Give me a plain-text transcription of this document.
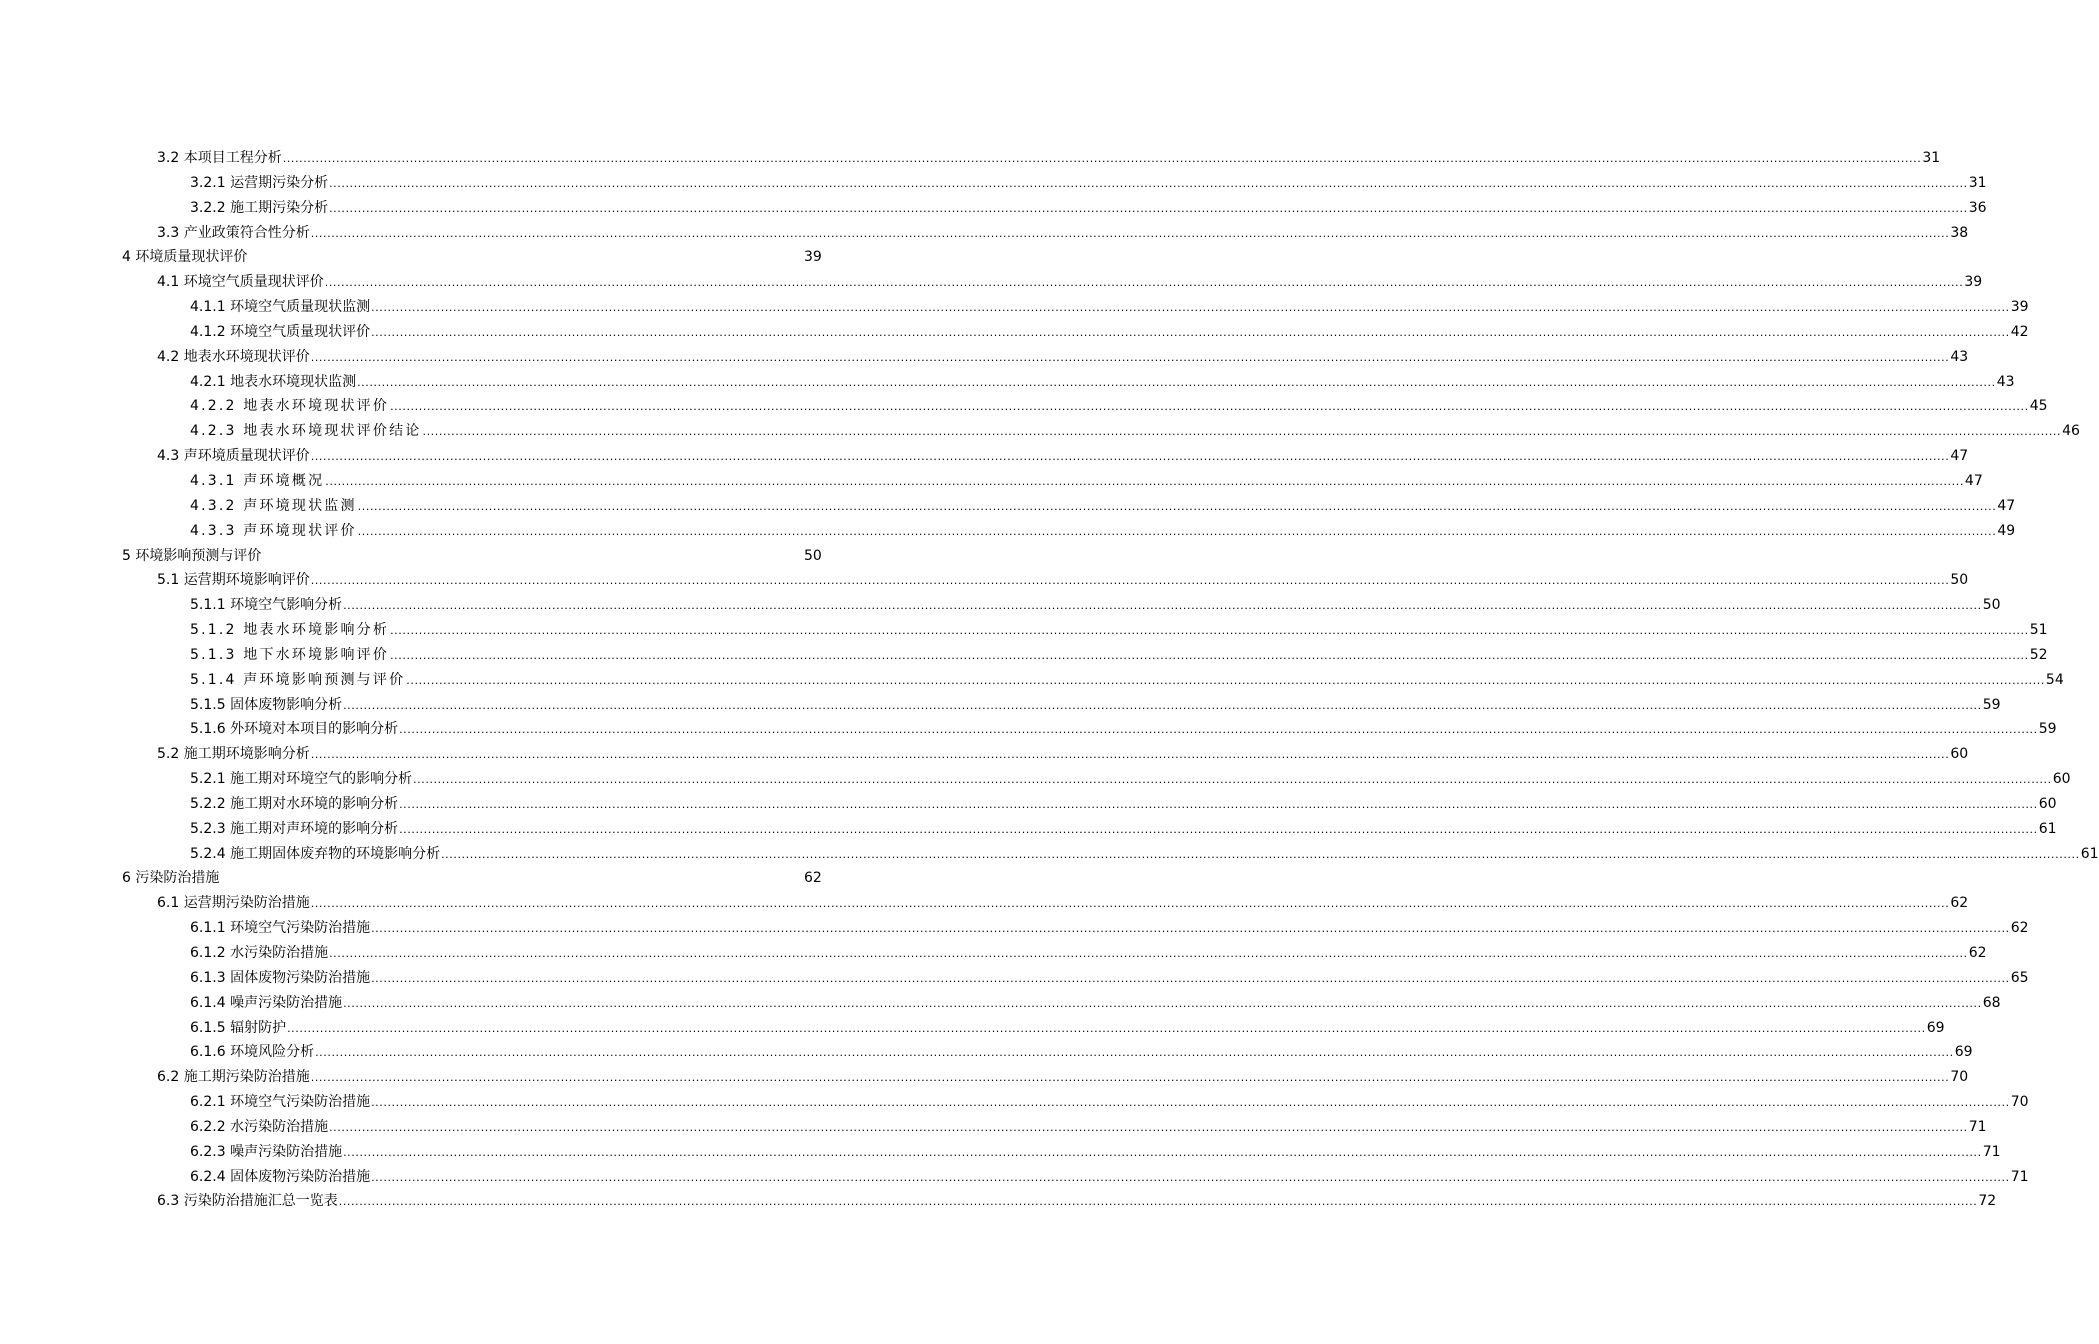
3.2 本项目工程分析 ................................................................................................................................................................................................................................................................................................................................................................................................................ 31
3.2.1 运营期污染分析 ................................................................................................................................................................................................................................................................................................................................................................................................................ 31
3.2.2 施工期污染分析 ................................................................................................................................................................................................................................................................................................................................................................................................................ 36
3.3 产业政策符合性分析 ................................................................................................................................................................................................................................................................................................................................................................................................................ 38
4 环境质量现状评价	39
4.1 环境空气质量现状评价 ................................................................................................................................................................................................................................................................................................................................................................................................................ 39
4.1.1 环境空气质量现状监测 ................................................................................................................................................................................................................................................................................................................................................................................................................ 39
4.1.2 环境空气质量现状评价 ................................................................................................................................................................................................................................................................................................................................................................................................................ 42
4.2 地表水环境现状评价 ................................................................................................................................................................................................................................................................................................................................................................................................................ 43
4.2.1 地表水环境现状监测 ................................................................................................................................................................................................................................................................................................................................................................................................................ 43
4.2.2 地表水环境现状评价 ................................................................................................................................................................................................................................................................................................................................................................................................................ 45
4.2.3 地表水环境现状评价结论 ................................................................................................................................................................................................................................................................................................................................................................................................................ 46
4.3 声环境质量现状评价 ................................................................................................................................................................................................................................................................................................................................................................................................................ 47
4.3.1 声环境概况 ................................................................................................................................................................................................................................................................................................................................................................................................................ 47
4.3.2 声环境现状监测 ................................................................................................................................................................................................................................................................................................................................................................................................................ 47
4.3.3 声环境现状评价 ................................................................................................................................................................................................................................................................................................................................................................................................................ 49
5 环境影响预测与评价	50
5.1 运营期环境影响评价 ................................................................................................................................................................................................................................................................................................................................................................................................................ 50
5.1.1 环境空气影响分析 ................................................................................................................................................................................................................................................................................................................................................................................................................ 50
5.1.2 地表水环境影响分析 ................................................................................................................................................................................................................................................................................................................................................................................................................ 51
5.1.3 地下水环境影响评价 ................................................................................................................................................................................................................................................................................................................................................................................................................ 52
5.1.4 声环境影响预测与评价 ................................................................................................................................................................................................................................................................................................................................................................................................................ 54
5.1.5 固体废物影响分析 ................................................................................................................................................................................................................................................................................................................................................................................................................ 59
5.1.6 外环境对本项目的影响分析 ................................................................................................................................................................................................................................................................................................................................................................................................................ 59
5.2 施工期环境影响分析 ................................................................................................................................................................................................................................................................................................................................................................................................................ 60
5.2.1 施工期对环境空气的影响分析 ................................................................................................................................................................................................................................................................................................................................................................................................................ 60
5.2.2 施工期对水环境的影响分析 ................................................................................................................................................................................................................................................................................................................................................................................................................ 60
5.2.3 施工期对声环境的影响分析 ................................................................................................................................................................................................................................................................................................................................................................................................................ 61
5.2.4 施工期固体废弃物的环境影响分析 ................................................................................................................................................................................................................................................................................................................................................................................................................ 61
6 污染防治措施	62
6.1 运营期污染防治措施 ................................................................................................................................................................................................................................................................................................................................................................................................................ 62
6.1.1 环境空气污染防治措施 ................................................................................................................................................................................................................................................................................................................................................................................................................ 62
6.1.2 水污染防治措施 ................................................................................................................................................................................................................................................................................................................................................................................................................ 62
6.1.3 固体废物污染防治措施 ................................................................................................................................................................................................................................................................................................................................................................................................................ 65
6.1.4 噪声污染防治措施 ................................................................................................................................................................................................................................................................................................................................................................................................................ 68
6.1.5 辐射防护 ................................................................................................................................................................................................................................................................................................................................................................................................................ 69
6.1.6 环境风险分析 ................................................................................................................................................................................................................................................................................................................................................................................................................ 69
6.2 施工期污染防治措施 ................................................................................................................................................................................................................................................................................................................................................................................................................ 70
6.2.1 环境空气污染防治措施 ................................................................................................................................................................................................................................................................................................................................................................................................................ 70
6.2.2 水污染防治措施 ................................................................................................................................................................................................................................................................................................................................................................................................................ 71
6.2.3 噪声污染防治措施 ................................................................................................................................................................................................................................................................................................................................................................................................................ 71
6.2.4 固体废物污染防治措施 ................................................................................................................................................................................................................................................................................................................................................................................................................ 71
6.3 污染防治措施汇总一览表 ................................................................................................................................................................................................................................................................................................................................................................................................................ 72
